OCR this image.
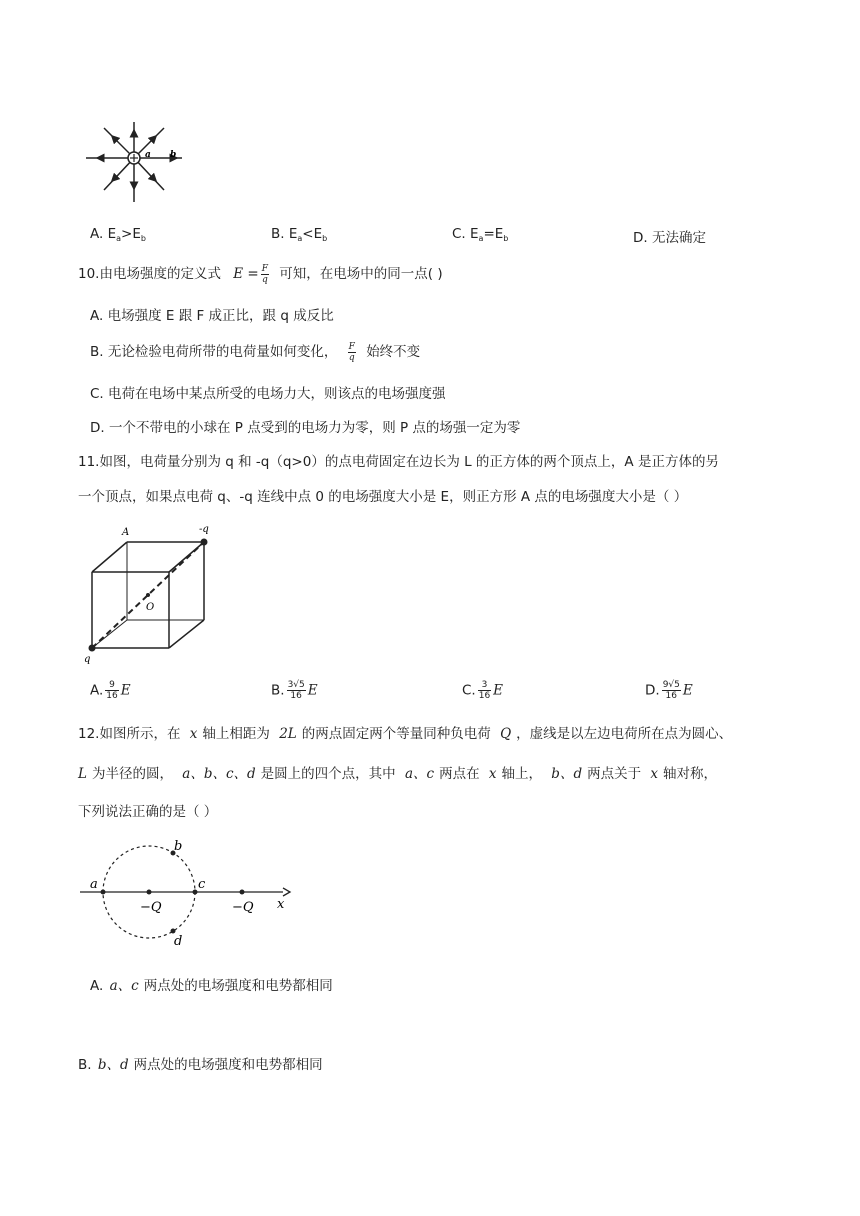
a b
A. $E_a>E_b$	B. $E_a<E_b$	C. $E_a=E_b$	D. 无法确定
10.由电场强度的定义式 $E = \frac{F}{q}$ 可知，在电场中的同一点( )
A. 电场强度 E 跟 F 成正比，跟 q 成反比
B. 无论检验电荷所带的电荷量如何变化， $\frac{F}{q}$ 始终不变
C. 电荷在电场中某点所受的电场力大，则该点的电场强度强
D. 一个不带电的小球在 P 点受到的电场力为零，则 P 点的场强一定为零
11.如图，电荷量分别为 q 和 -q（q>0）的点电荷固定在边长为 L 的正方体的两个顶点上，A 是正方体的另
一个顶点，如果点电荷 q、-q 连线中点 0 的电场强度大小是 E，则正方形 A 点的电场强度大小是（ ）
A	-q
O
q
A. $\frac{9}{16}$ E	B. $\frac{3√5}{16}$ E	C. $\frac{3}{16}$ E	D. $\frac{9√5}{16}$ E
12.如图所示，在 x 轴上相距为 2L 的两点固定两个等量同种负电荷 Q ，虚线是以左边电荷所在点为圆心、
L 为半径的圆， a、b、c、d 是圆上的四个点，其中 a、c 两点在 x 轴上， b、d 两点关于 x 轴对称，
下列说法正确的是（ ）
a
b
c
d
−Q	−Q x
A. a、c 两点处的电场强度和电势都相同
B. b、d 两点处的电场强度和电势都相同
